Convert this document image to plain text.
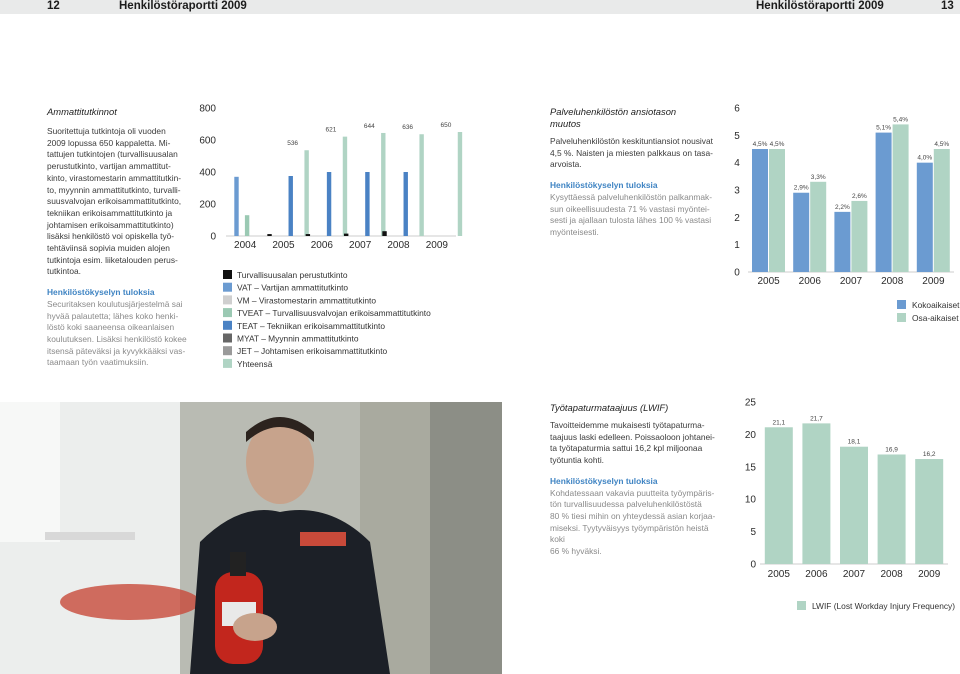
12	Henkilöstöraportti 2009	Henkilöstöraportti 2009	13
Ammattitutkinnot
Suoritettuja tutkintoja oli vuoden
2009 lopussa 650 kappaletta. Mi-
tattujen tutkintojen (turvallisuusalan
perustutkinto, vartijan ammattitut-
kinto, virastomestarin ammattitutkin-
to, myynnin ammattitutkinto, turvalli-
suusvalvojan erikoisammattitutkinto,
tekniikan erikoisammattitutkinto ja
johtamisen erikoisammattitutkinto)
lisäksi henkilöstö voi opiskella työ-
tehtäviinsä sopivia muiden alojen
tutkintoja esim. liiketalouden perus-
tutkintoa.
Henkilöstökyselyn tuloksia
Securitaksen koulutusjärjestelmä sai
hyvää palautetta; lähes koko henki-
löstö koki saaneensa oikeanlaisen
koulutuksen. Lisäksi henkilöstö kokee
itsensä päteväksi ja kyvykkääksi vas-
taamaan työn vaatimuksiin.
0
200
400
600
800
2004 2005
536
2006
621
2007
644
2008
636
2009
650
Turvallisuusalan perustutkinto
VAT – Vartijan ammattitutkinto
VM – Virastomestarin ammattitutkinto
TVEAT – Turvallisuusvalvojan erikoisammattitutkinto
TEAT – Tekniikan erikoisammattitutkinto
MYAT – Myynnin ammattitutkinto
JET – Johtamisen erikoisammattitutkinto
Yhteensä
Palveluhenkilöstön ansiotason
muutos
Palveluhenkilöstön keskituntiansiot nousivat
4,5 %. Naisten ja miesten palkkaus on tasa-
arvoista.
Henkilöstökyselyn tuloksia
Kysyttäessä palveluhenkilöstön palkanmak-
sun oikeellisuudesta 71 % vastasi myöntei-
sesti ja ajallaan tulosta lähes 100 % vastasi
myönteisesti.
0
1
2
3
4
5
6
4,5% 4,5%
2005
2,9%
3,3%
2006
2,2%
2,6%
2007
5,1%
5,4%
2008
4,0%
4,5%
2009
Kokoaikaiset
Osa-aikaiset
Työtapaturmataajuus (LWIF)
Tavoitteidemme mukaisesti työtapaturma-
taajuus laski edelleen. Poissaoloon johtanei-
ta työtapaturmia sattui 16,2 kpl miljoonaa
työtuntia kohti.
Henkilöstökyselyn tuloksia
Kohdatessaan vakavia puutteita työympäris-
tön turvallisuudessa palveluhenkilöstöstä
80 % tiesi mihin on yhteydessä asian korjaa-
miseksi. Tyytyväisyys työympäristön heistä koki
66 % hyväksi.
0
5
10
15
20
25
21,1
2005
21,7
2006
18,1
2007
16,9
2008
16,2
2009
LWIF (Lost Workday Injury Frequency)
